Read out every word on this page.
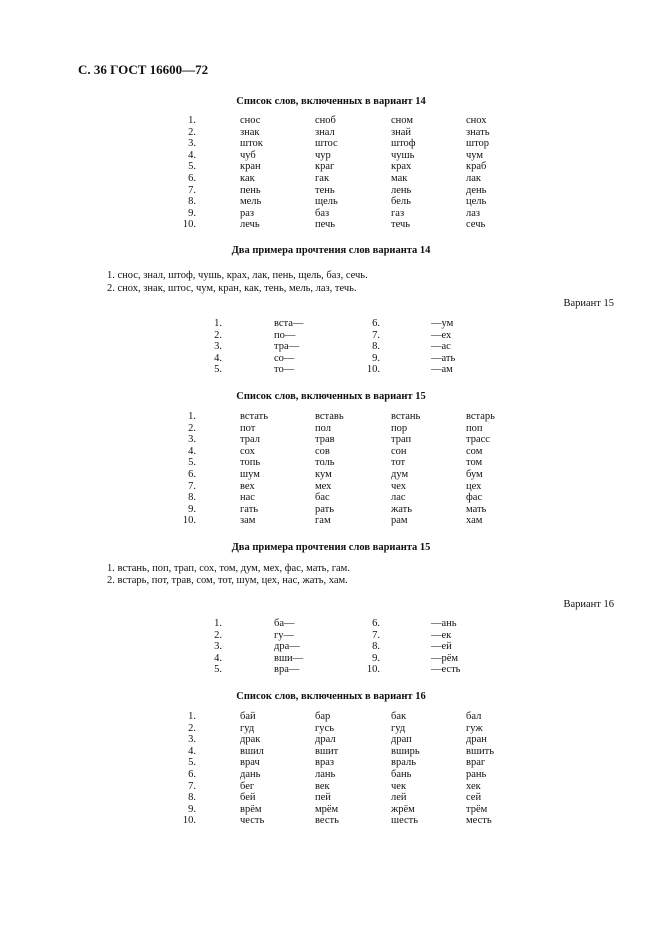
С. 36 ГОСТ 16600—72
Список слов, включенных в вариант 14
1.	снос	сноб	сном	снох
2.	знак	знал	знай	знать
3.	шток	штос	штоф	штор
4.	чуб	чур	чушь	чум
5.	кран	краг	крах	краб
6.	как	гак	мак	лак
7.	пень	тень	лень	день
8.	мель	щель	бель	цель
9.	раз	баз	газ	лаз
10.	лечь	печь	течь	сечь
Два примера прочтения слов варианта 14
1. снос, знал, штоф, чушь, крах, лак, пень, щель, баз, сечь.
2. снох, знак, штос, чум, кран, как, тень, мель, лаз, течь.
Вариант 15
1.	вста—	6.	—ум
2.	по—	7.	—ех
3.	тра—	8.	—ас
4.	со—	9.	—ать
5.	то—	10.	—ам
Список слов, включенных в вариант 15
1.	встать	вставь	встань	встарь
2.	пот	пол	пор	поп
3.	трал	трав	трап	трасс
4.	сох	сов	сон	сом
5.	топь	толь	тот	том
6.	шум	кум	дум	бум
7.	вех	мех	чех	цех
8.	нас	бас	лас	фас
9.	гать	рать	жать	мать
10.	зам	гам	рам	хам
Два примера прочтения слов варианта 15
1. встань, поп, трап, сох, том, дум, мех, фас, мать, гам.
2. встарь, пот, трав, сом, тот, шум, цех, нас, жать, хам.
Вариант 16
1.	ба—	6.	—ань
2.	гу—	7.	—ек
3.	дра—	8.	—ей
4.	вши—	9.	—рём
5.	вра—	10.	—есть
Список слов, включенных в вариант 16
1.	бай	бар	бак	бал
2.	гуд	гусь	гуд	гуж
3.	драк	драл	драп	дран
4.	вшил	вшит	вширь	вшить
5.	врач	враз	враль	враг
6.	дань	лань	бань	рань
7.	бег	век	чек	хек
8.	бей	пей	лей	сей
9.	врём	мрём	жрём	трём
10.	честь	весть	шесть	месть
